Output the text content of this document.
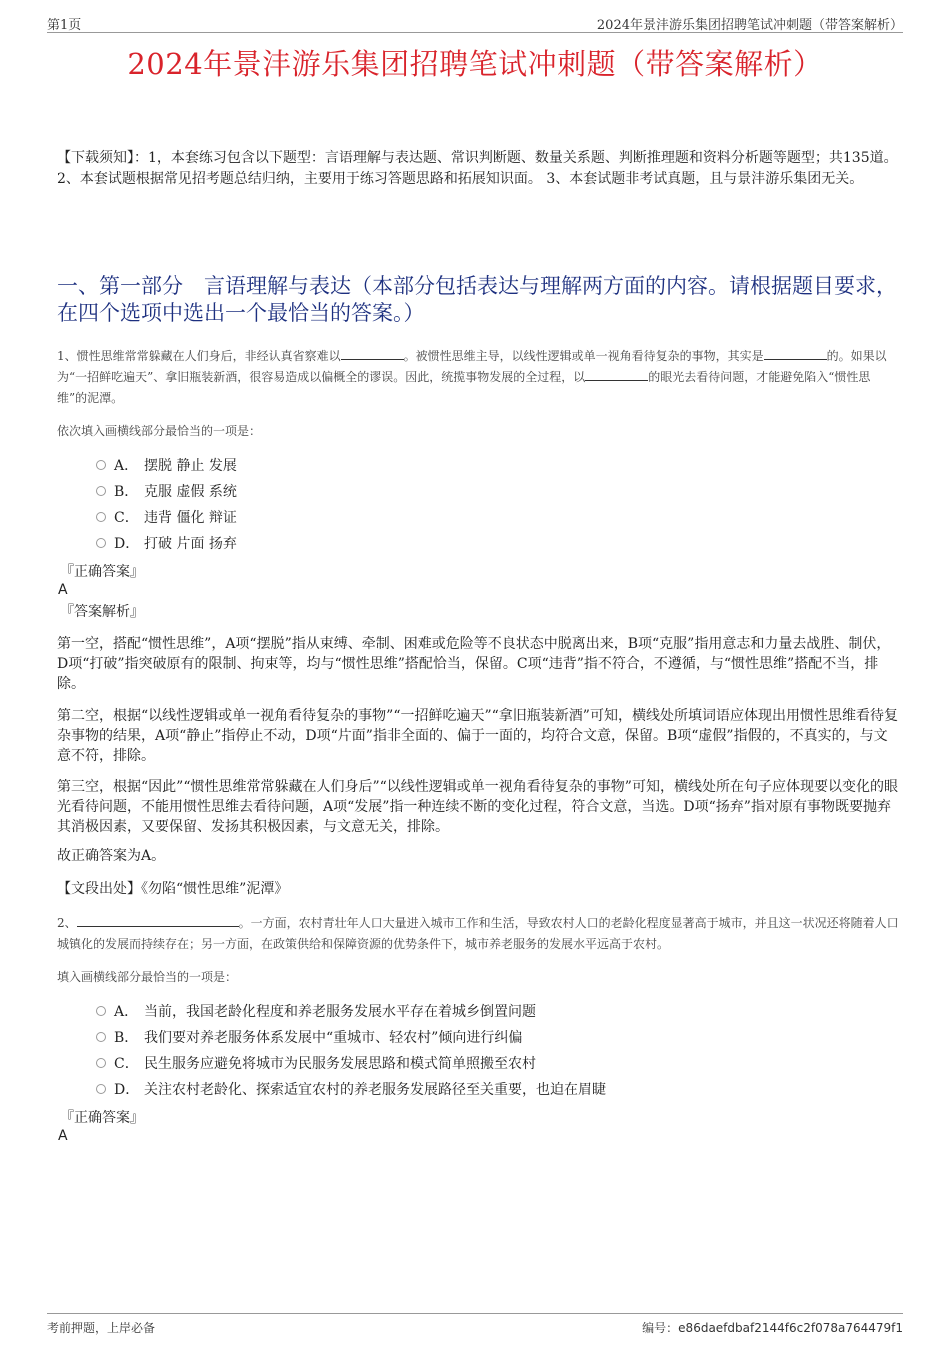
第1页	2024年景沣游乐集团招聘笔试冲刺题（带答案解析）
2024年景沣游乐集团招聘笔试冲刺题（带答案解析）
【下载须知】：1，本套练习包含以下题型：言语理解与表达题、常识判断题、数量关系题、判断推理题和资料分析题等题型；共135道。 2、本套试题根据常见招考题总结归纳，主要用于练习答题思路和拓展知识面。 3、本套试题非考试真题，且与景沣游乐集团无关。
一、第一部分　言语理解与表达（本部分包括表达与理解两方面的内容。请根据题目要求，在四个选项中选出一个最恰当的答案。）
1、惯性思维常常躲藏在人们身后，非经认真省察难以	。被惯性思维主导，以线性逻辑或单一视角看待复杂的事物，其实是	的。如果以为“一招鲜吃遍天”、拿旧瓶装新酒，很容易造成以偏概全的谬误。因此，统揽事物发展的全过程，以	的眼光去看待问题，才能避免陷入“惯性思维”的泥潭。
依次填入画横线部分最恰当的一项是：
A． 摆脱 静止 发展
B． 克服 虚假 系统
C． 违背 僵化 辩证
D． 打破 片面 扬弃
『正确答案』
A
『答案解析』
第一空，搭配“惯性思维”，A项“摆脱”指从束缚、牵制、困难或危险等不良状态中脱离出来，B项“克服”指用意志和力量去战胜、制伏，D项“打破”指突破原有的限制、拘束等，均与“惯性思维”搭配恰当，保留。C项“违背”指不符合，不遵循，与“惯性思维”搭配不当，排除。
第二空，根据“以线性逻辑或单一视角看待复杂的事物”“一招鲜吃遍天”“拿旧瓶装新酒”可知，横线处所填词语应体现出用惯性思维看待复杂事物的结果，A项“静止”指停止不动，D项“片面”指非全面的、偏于一面的，均符合文意，保留。B项“虚假”指假的，不真实的，与文意不符，排除。
第三空，根据“因此”“惯性思维常常躲藏在人们身后”“以线性逻辑或单一视角看待复杂的事物”可知，横线处所在句子应体现要以变化的眼光看待问题，不能用惯性思维去看待问题，A项“发展”指一种连续不断的变化过程，符合文意，当选。D项“扬弃”指对原有事物既要抛弃其消极因素，又要保留、发扬其积极因素，与文意无关，排除。
故正确答案为A。
【文段出处】《勿陷“惯性思维”泥潭》
2、	。一方面，农村青壮年人口大量进入城市工作和生活，导致农村人口的老龄化程度显著高于城市，并且这一状况还将随着人口城镇化的发展而持续存在；另一方面，在政策供给和保障资源的优势条件下，城市养老服务的发展水平远高于农村。
填入画横线部分最恰当的一项是：
A． 当前，我国老龄化程度和养老服务发展水平存在着城乡倒置问题
B． 我们要对养老服务体系发展中“重城市、轻农村”倾向进行纠偏
C． 民生服务应避免将城市为民服务发展思路和模式简单照搬至农村
D． 关注农村老龄化、探索适宜农村的养老服务发展路径至关重要，也迫在眉睫
『正确答案』
A
考前押题，上岸必备	编号：e86daefdbaf2144f6c2f078a764479f1
